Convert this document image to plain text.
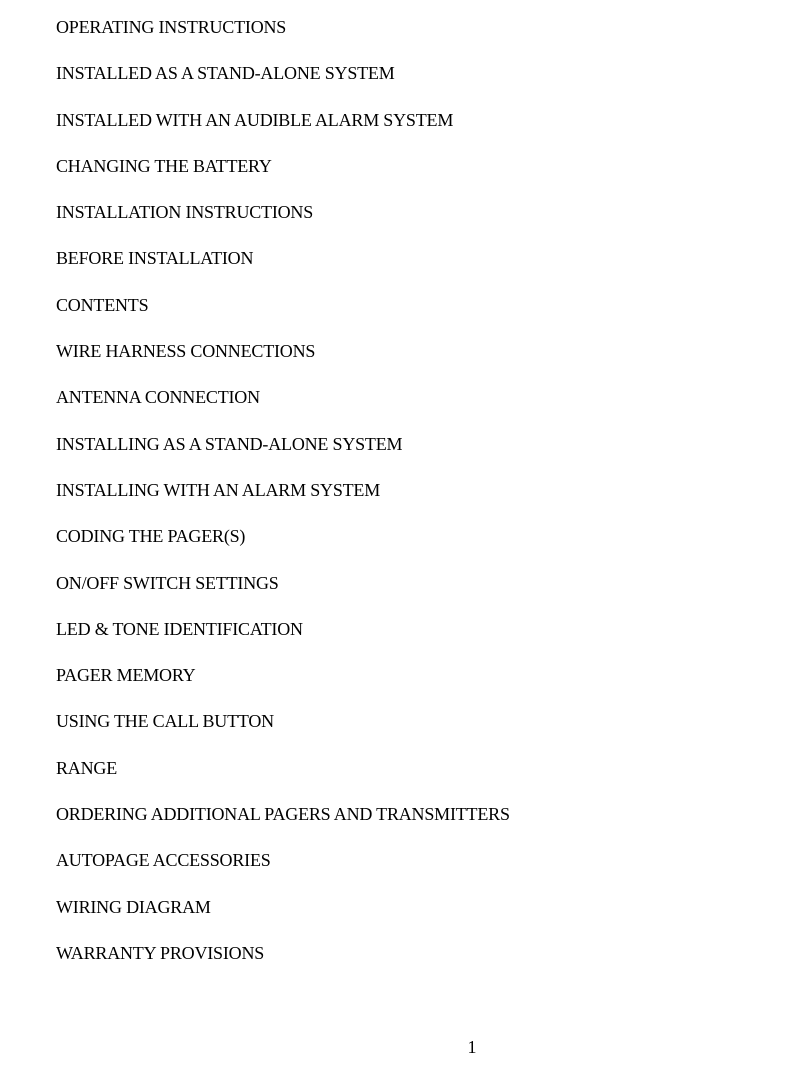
OPERATING INSTRUCTIONS
INSTALLED AS A STAND-ALONE SYSTEM
INSTALLED WITH AN AUDIBLE ALARM SYSTEM
CHANGING THE BATTERY
INSTALLATION INSTRUCTIONS
BEFORE INSTALLATION
CONTENTS
WIRE HARNESS CONNECTIONS
ANTENNA CONNECTION
INSTALLING AS A STAND-ALONE SYSTEM
INSTALLING WITH AN ALARM SYSTEM
CODING THE PAGER(S)
ON/OFF SWITCH SETTINGS
LED & TONE IDENTIFICATION
PAGER MEMORY
USING THE CALL BUTTON
RANGE
ORDERING ADDITIONAL PAGERS AND TRANSMITTERS
AUTOPAGE ACCESSORIES
WIRING DIAGRAM
WARRANTY PROVISIONS
1
